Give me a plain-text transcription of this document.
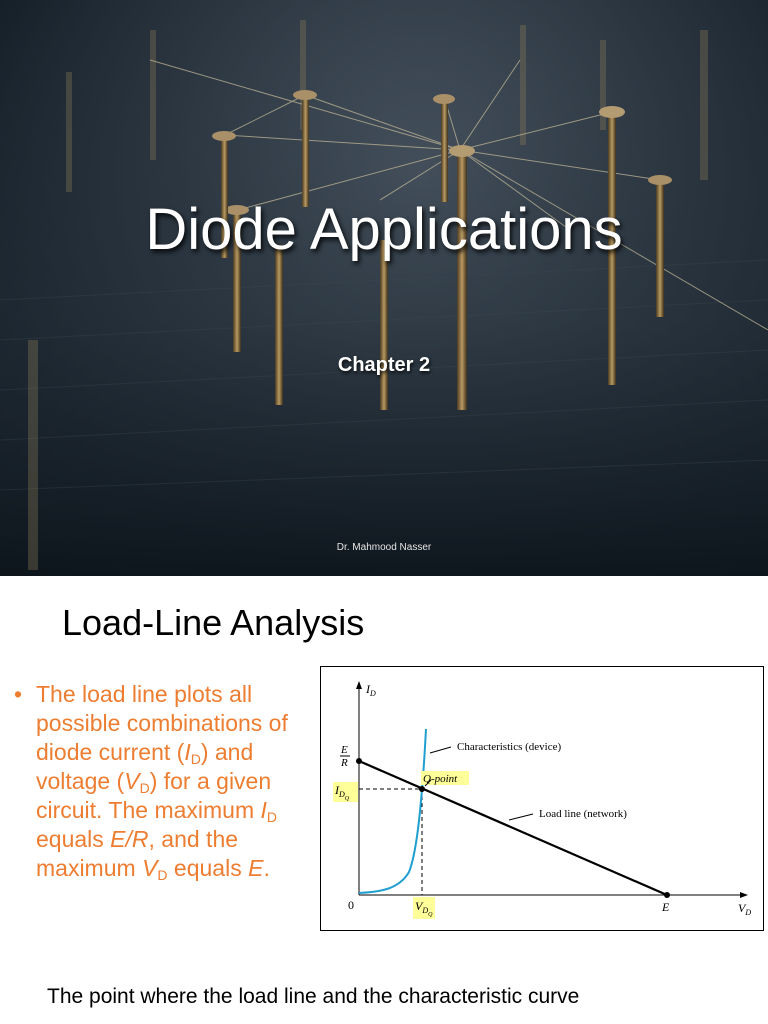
Diode Applications
Chapter 2
Dr. Mahmood Nasser
Load-Line Analysis
• The load line plots all possible combinations of diode current $(I_D)$ and voltage $(V_D)$ for a given circuit. The maximum $I_D$ equals E/R, and the maximum $V_D$ equals E.
$I_D$
$V_D$
0
E
R
$I_{DQ}$
$V_{DQ}$
E
Characteristics (device)
Q-point
Load line (network)
The point where the load line and the characteristic curve
